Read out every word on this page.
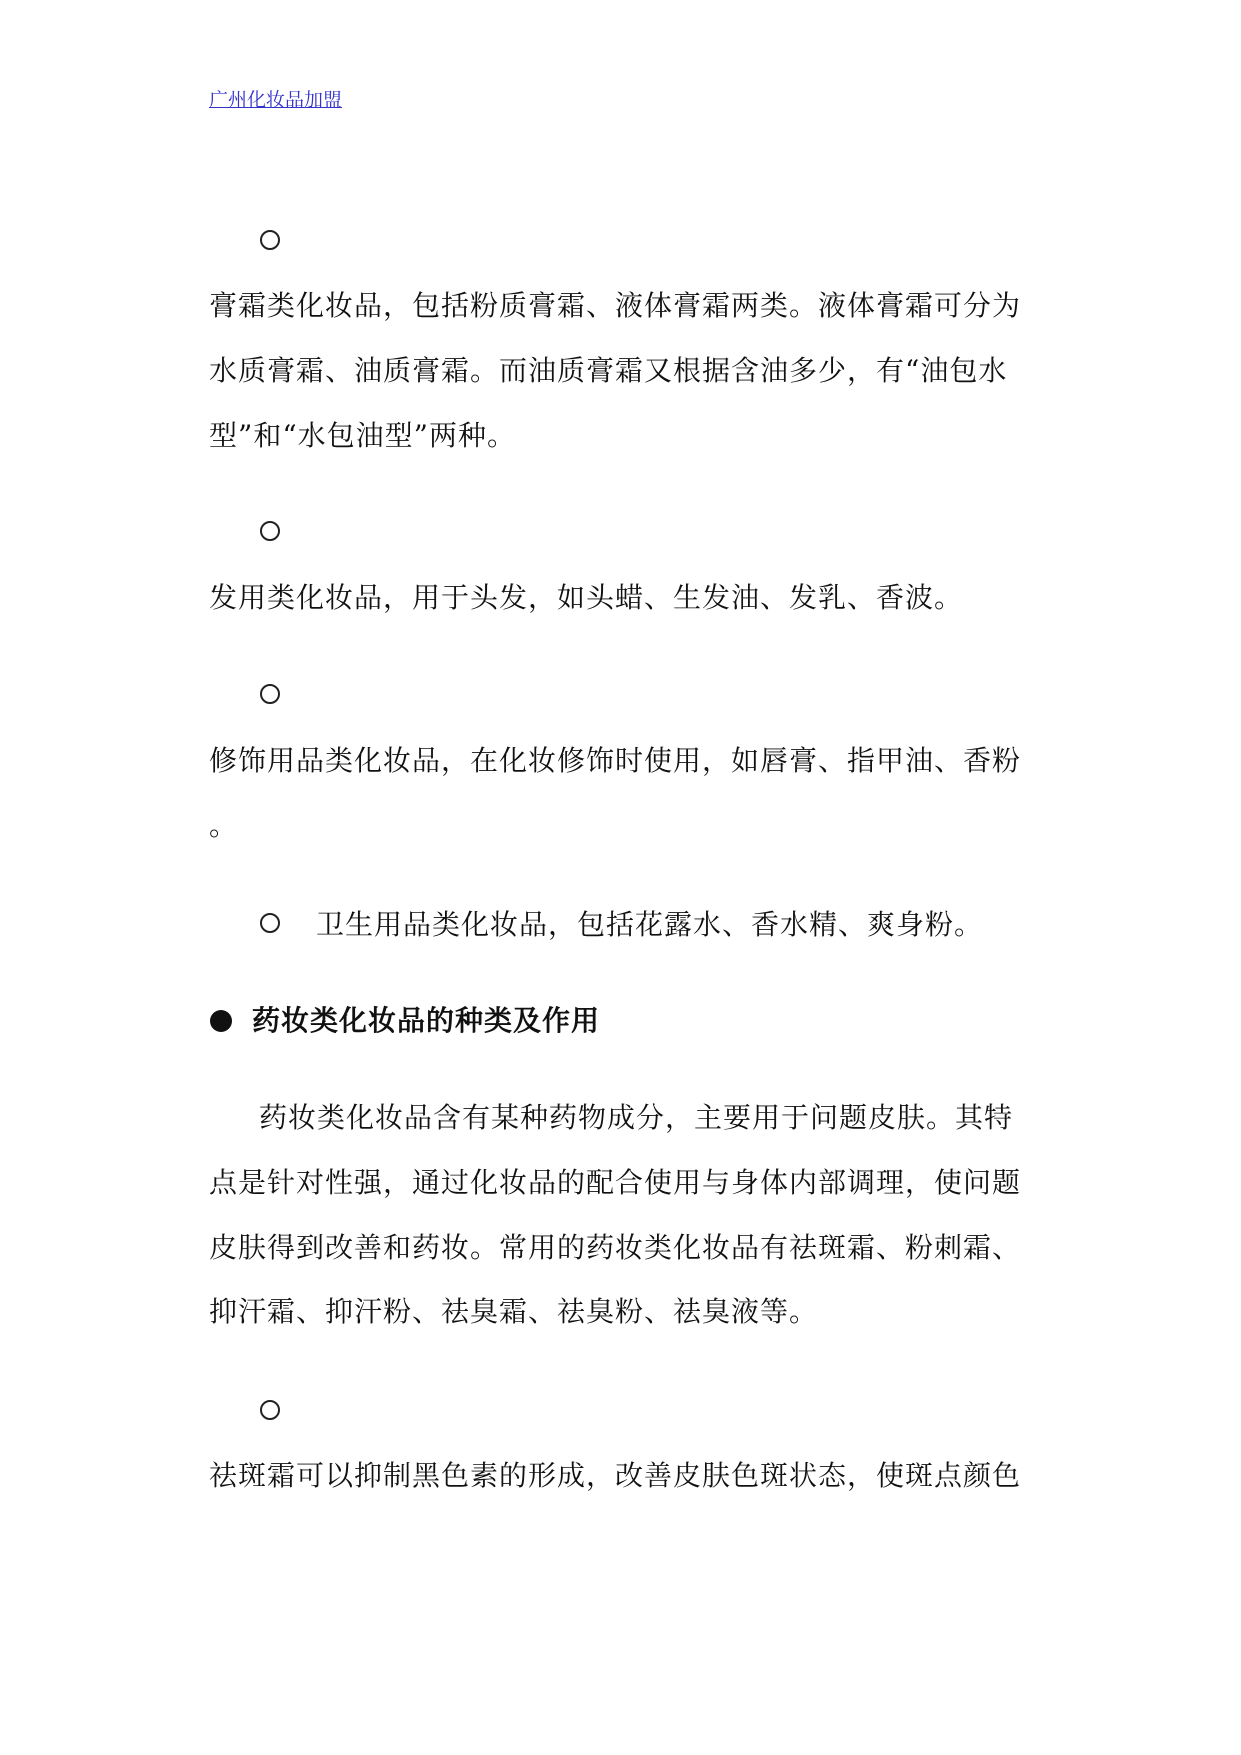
广州化妆品加盟
膏霜类化妆品，包括粉质膏霜、液体膏霜两类。液体膏霜可分为
水质膏霜、油质膏霜。而油质膏霜又根据含油多少，有“油包水
型”和“水包油型”两种。
发用类化妆品，用于头发，如头蜡、生发油、发乳、香波。
修饰用品类化妆品，在化妆修饰时使用，如唇膏、指甲油、香粉
。
卫生用品类化妆品，包括花露水、香水精、爽身粉。
药妆类化妆品的种类及作用
药妆类化妆品含有某种药物成分，主要用于问题皮肤。其特
点是针对性强，通过化妆品的配合使用与身体内部调理，使问题
皮肤得到改善和药妆。常用的药妆类化妆品有祛斑霜、粉刺霜、
抑汗霜、抑汗粉、祛臭霜、祛臭粉、祛臭液等。
祛斑霜可以抑制黑色素的形成，改善皮肤色斑状态，使斑点颜色
